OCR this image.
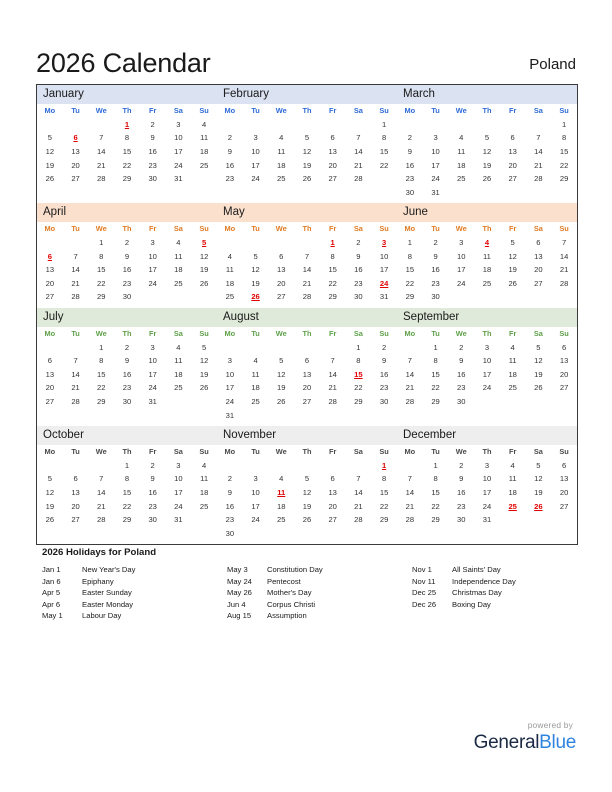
2026 Calendar	Poland
January
Mo	Tu	We	Th	Fr	Sa	Su
			1	2	3	4
5	6	7	8	9	10	11
12	13	14	15	16	17	18
19	20	21	22	23	24	25
26	27	28	29	30	31	
February
Mo	Tu	We	Th	Fr	Sa	Su
						1
2	3	4	5	6	7	8
9	10	11	12	13	14	15
16	17	18	19	20	21	22
23	24	25	26	27	28	
March
Mo	Tu	We	Th	Fr	Sa	Su
						1
2	3	4	5	6	7	8
9	10	11	12	13	14	15
16	17	18	19	20	21	22
23	24	25	26	27	28	29
30	31					
April
Mo	Tu	We	Th	Fr	Sa	Su
		1	2	3	4	5
6	7	8	9	10	11	12
13	14	15	16	17	18	19
20	21	22	23	24	25	26
27	28	29	30			
May
Mo	Tu	We	Th	Fr	Sa	Su
				1	2	3
4	5	6	7	8	9	10
11	12	13	14	15	16	17
18	19	20	21	22	23	24
25	26	27	28	29	30	31
June
Mo	Tu	We	Th	Fr	Sa	Su
1	2	3	4	5	6	7
8	9	10	11	12	13	14
15	16	17	18	19	20	21
22	23	24	25	26	27	28
29	30					
July
Mo	Tu	We	Th	Fr	Sa	Su
		1	2	3	4	5
6	7	8	9	10	11	12
13	14	15	16	17	18	19
20	21	22	23	24	25	26
27	28	29	30	31		
August
Mo	Tu	We	Th	Fr	Sa	Su
					1	2
3	4	5	6	7	8	9
10	11	12	13	14	15	16
17	18	19	20	21	22	23
24	25	26	27	28	29	30
31						
September
Mo	Tu	We	Th	Fr	Sa	Su
	1	2	3	4	5	6
7	8	9	10	11	12	13
14	15	16	17	18	19	20
21	22	23	24	25	26	27
28	29	30				
October
Mo	Tu	We	Th	Fr	Sa	Su
			1	2	3	4
5	6	7	8	9	10	11
12	13	14	15	16	17	18
19	20	21	22	23	24	25
26	27	28	29	30	31	
November
Mo	Tu	We	Th	Fr	Sa	Su
						1
2	3	4	5	6	7	8
9	10	11	12	13	14	15
16	17	18	19	20	21	22
23	24	25	26	27	28	29
30						
December
Mo	Tu	We	Th	Fr	Sa	Su
	1	2	3	4	5	6
7	8	9	10	11	12	13
14	15	16	17	18	19	20
21	22	23	24	25	26	27
28	29	30	31			
2026 Holidays for Poland
Jan 1	New Year's Day
Jan 6	Epiphany
Apr 5	Easter Sunday
Apr 6	Easter Monday
May 1	Labour Day
May 3	Constitution Day
May 24	Pentecost
May 26	Mother's Day
Jun 4	Corpus Christi
Aug 15	Assumption
Nov 1	All Saints' Day
Nov 11	Independence Day
Dec 25	Christmas Day
Dec 26	Boxing Day
powered by
GeneralBlue
